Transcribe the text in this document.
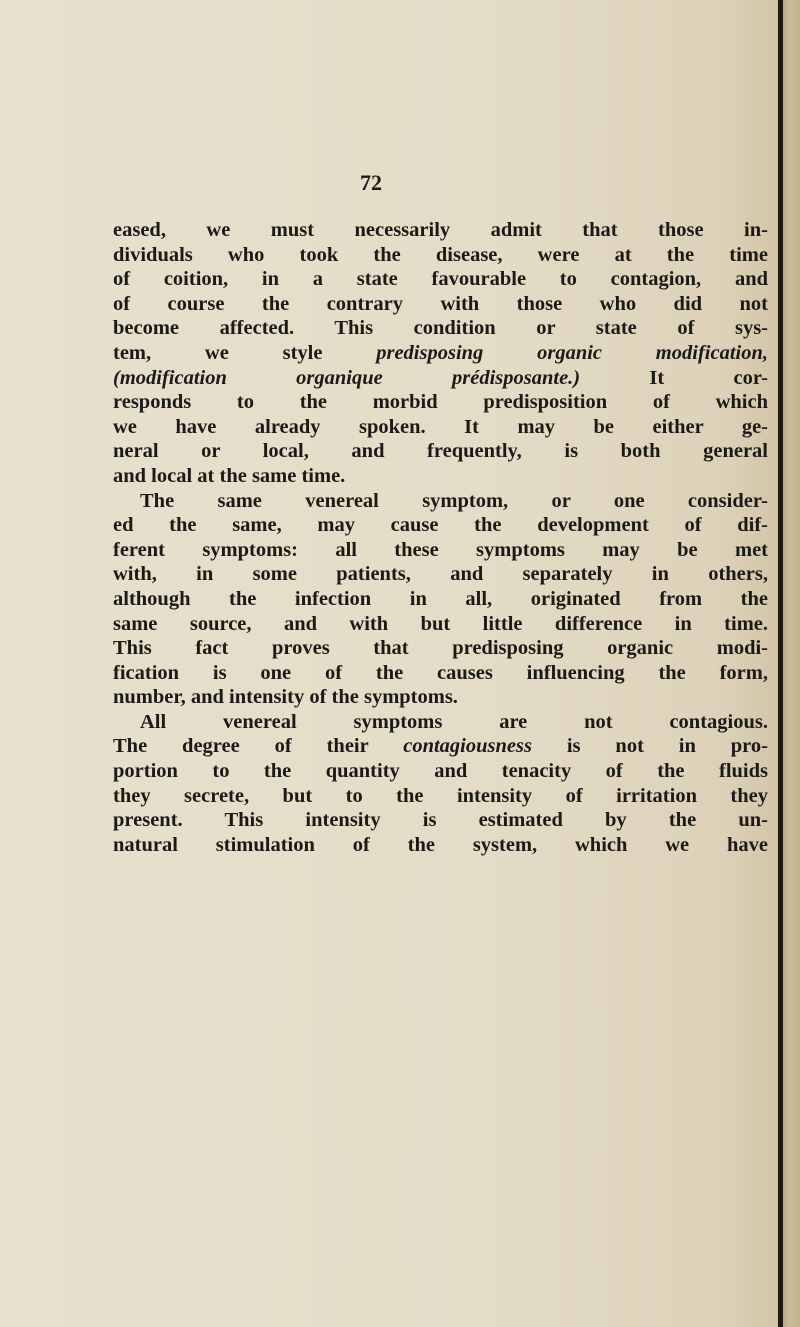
72
eased, we must necessarily admit that those in-
dividuals who took the disease, were at the time
of coition, in a state favourable to contagion, and
of course the contrary with those who did not
become affected. This condition or state of sys-
tem, we style predisposing organic modification,
(modification organique prédisposante.) It cor-
responds to the morbid predisposition of which
we have already spoken. It may be either ge-
neral or local, and frequently, is both general
and local at the same time.
The same venereal symptom, or one consider-
ed the same, may cause the development of dif-
ferent symptoms: all these symptoms may be met
with, in some patients, and separately in others,
although the infection in all, originated from the
same source, and with but little difference in time.
This fact proves that predisposing organic modi-
fication is one of the causes influencing the form,
number, and intensity of the symptoms.
All venereal symptoms are not contagious.
The degree of their contagiousness is not in pro-
portion to the quantity and tenacity of the fluids
they secrete, but to the intensity of irritation they
present. This intensity is estimated by the un-
natural stimulation of the system, which we have
